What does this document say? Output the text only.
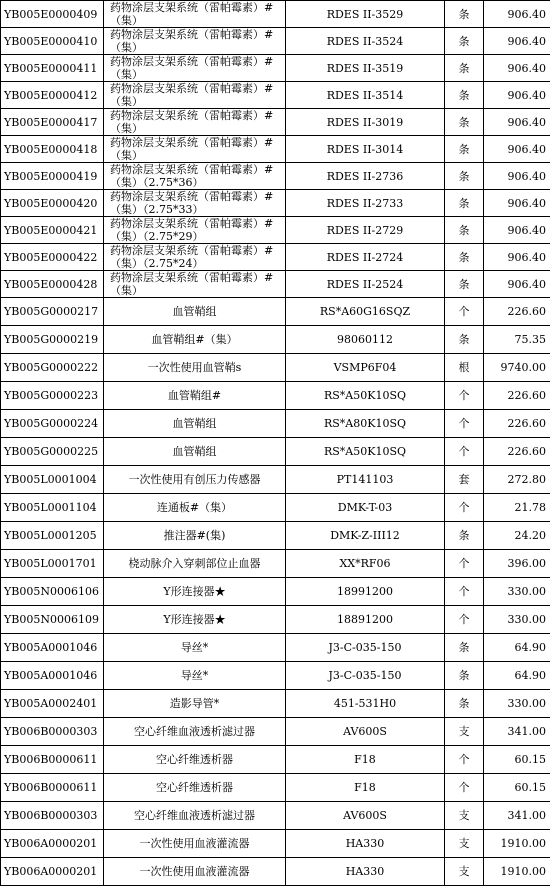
YB005E0000409	药物涂层支架系统（雷帕霉素）#（集）	RDES II-3529	条	906.40
YB005E0000410	药物涂层支架系统（雷帕霉素）#（集）	RDES II-3524	条	906.40
YB005E0000411	药物涂层支架系统（雷帕霉素）#（集）	RDES II-3519	条	906.40
YB005E0000412	药物涂层支架系统（雷帕霉素）#（集）	RDES II-3514	条	906.40
YB005E0000417	药物涂层支架系统（雷帕霉素）#（集）	RDES II-3019	条	906.40
YB005E0000418	药物涂层支架系统（雷帕霉素）#（集）	RDES II-3014	条	906.40
YB005E0000419	药物涂层支架系统（雷帕霉素）#（集）（2.75*36）	RDES II-2736	条	906.40
YB005E0000420	药物涂层支架系统（雷帕霉素）#（集）（2.75*33）	RDES II-2733	条	906.40
YB005E0000421	药物涂层支架系统（雷帕霉素）#（集）（2.75*29）	RDES II-2729	条	906.40
YB005E0000422	药物涂层支架系统（雷帕霉素）#（集）（2.75*24）	RDES II-2724	条	906.40
YB005E0000428	药物涂层支架系统（雷帕霉素）#（集）	RDES II-2524	条	906.40
YB005G0000217	血管鞘组	RS*A60G16SQZ	个	226.60
YB005G0000219	血管鞘组#（集）	98060112	条	75.35
YB005G0000222	一次性使用血管鞘s	VSMP6F04	根	9740.00
YB005G0000223	血管鞘组#	RS*A50K10SQ	个	226.60
YB005G0000224	血管鞘组	RS*A80K10SQ	个	226.60
YB005G0000225	血管鞘组	RS*A50K10SQ	个	226.60
YB005L0001004	一次性使用有创压力传感器	PT141103	套	272.80
YB005L0001104	连通板#（集）	DMK-T-03	个	21.78
YB005L0001205	推注器#(集)	DMK-Z-III12	条	24.20
YB005L0001701	桡动脉介入穿刺部位止血器	XX*RF06	个	396.00
YB005N0006106	Y形连接器★	18991200	个	330.00
YB005N0006109	Y形连接器★	18891200	个	330.00
YB005A0001046	导丝*	J3-C-035-150	条	64.90
YB005A0001046	导丝*	J3-C-035-150	条	64.90
YB005A0002401	造影导管*	451-531H0	条	330.00
YB006B0000303	空心纤维血液透析滤过器	AV600S	支	341.00
YB006B0000611	空心纤维透析器	F18	个	60.15
YB006B0000611	空心纤维透析器	F18	个	60.15
YB006B0000303	空心纤维血液透析滤过器	AV600S	支	341.00
YB006A0000201	一次性使用血液灌流器	HA330	支	1910.00
YB006A0000201	一次性使用血液灌流器	HA330	支	1910.00
